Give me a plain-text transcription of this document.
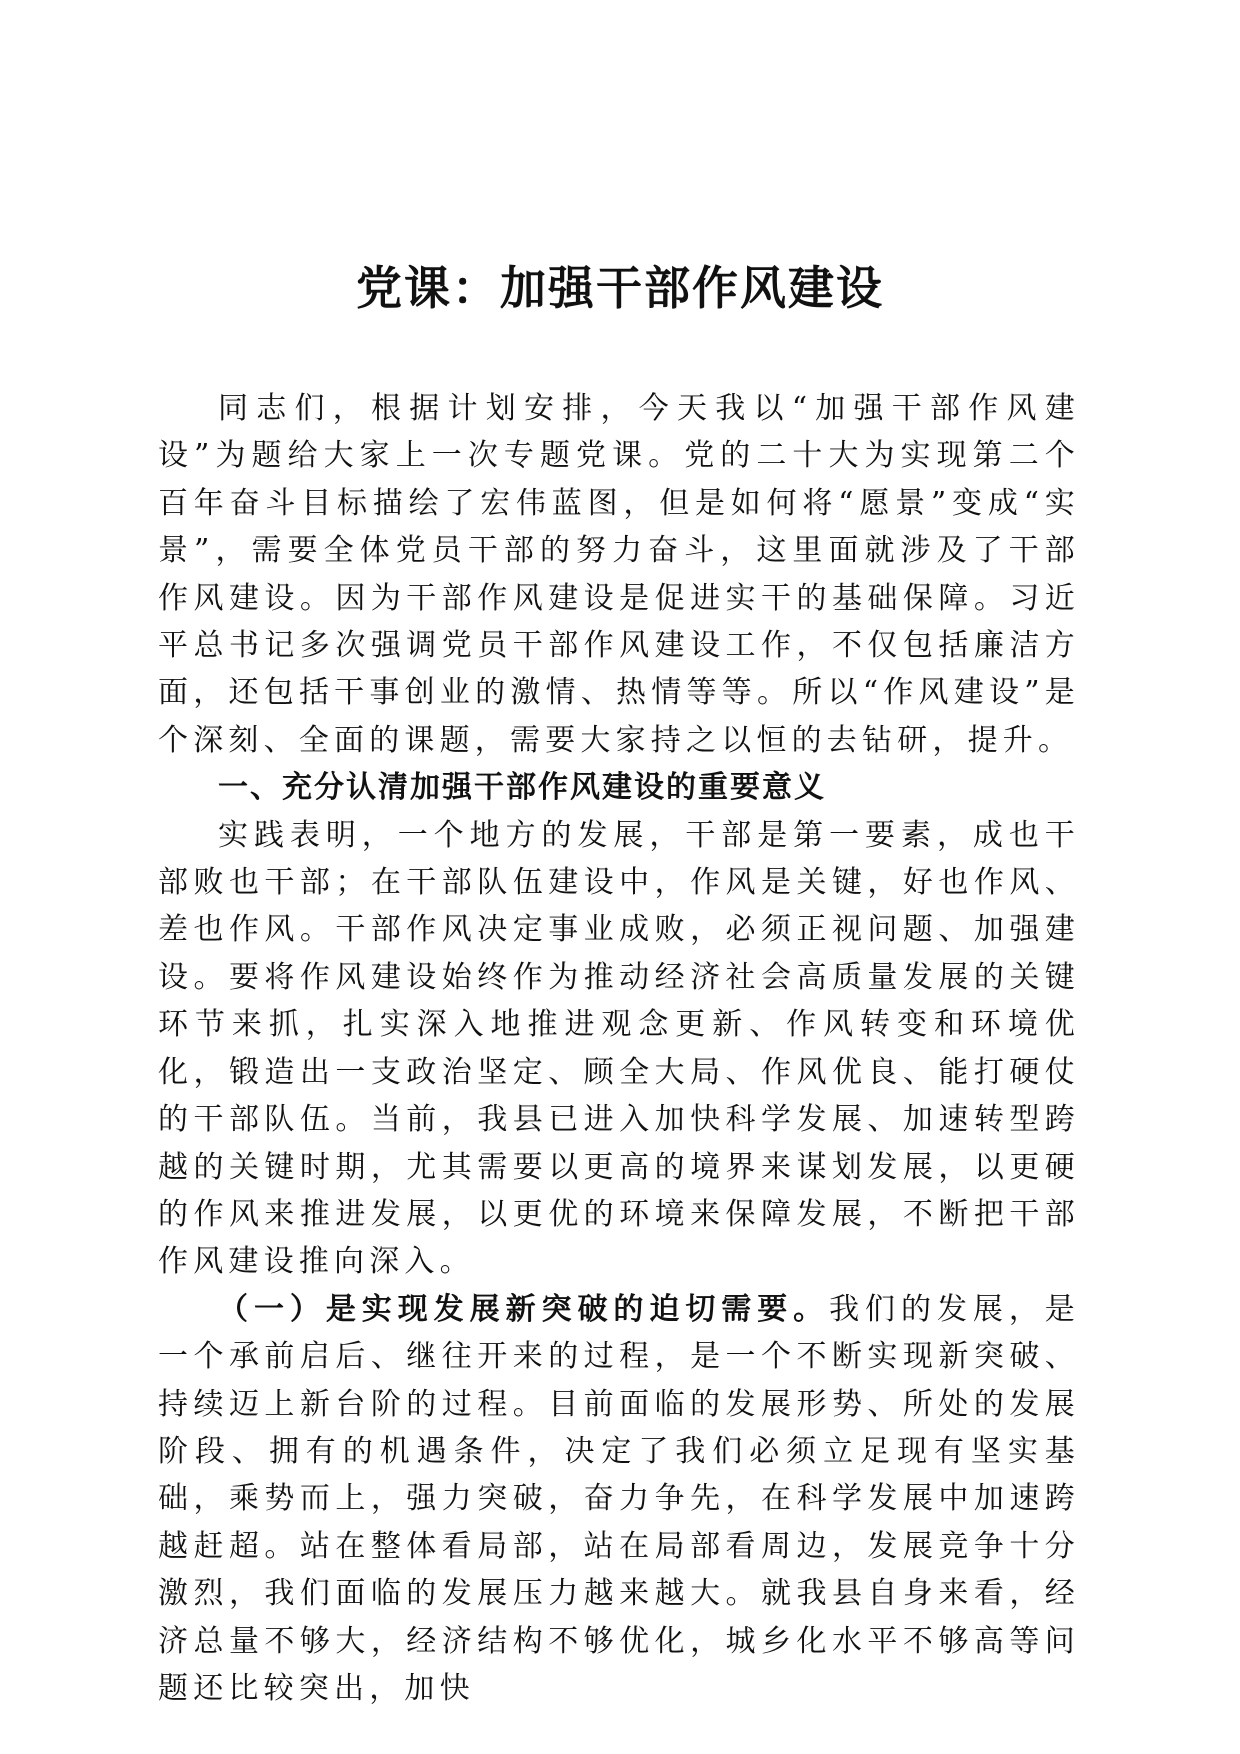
党课：加强干部作风建设

同志们，根据计划安排，今天我以“加强干部作风建设”为题给大家上一次专题党课。党的二十大为实现第二个百年奋斗目标描绘了宏伟蓝图，但是如何将“愿景”变成“实景”，需要全体党员干部的努力奋斗，这里面就涉及了干部作风建设。因为干部作风建设是促进实干的基础保障。习近平总书记多次强调党员干部作风建设工作，不仅包括廉洁方面，还包括干事创业的激情、热情等等。所以“作风建设”是个深刻、全面的课题，需要大家持之以恒的去钻研，提升。

一、充分认清加强干部作风建设的重要意义

实践表明，一个地方的发展，干部是第一要素，成也干部败也干部；在干部队伍建设中，作风是关键，好也作风、差也作风。干部作风决定事业成败，必须正视问题、加强建设。要将作风建设始终作为推动经济社会高质量发展的关键环节来抓，扎实深入地推进观念更新、作风转变和环境优化，锻造出一支政治坚定、顾全大局、作风优良、能打硬仗的干部队伍。当前，我县已进入加快科学发展、加速转型跨越的关键时期，尤其需要以更高的境界来谋划发展，以更硬的作风来推进发展，以更优的环境来保障发展，不断把干部作风建设推向深入。

（一）是实现发展新突破的迫切需要。我们的发展，是一个承前启后、继往开来的过程，是一个不断实现新突破、持续迈上新台阶的过程。目前面临的发展形势、所处的发展阶段、拥有的机遇条件，决定了我们必须立足现有坚实基础，乘势而上，强力突破，奋力争先，在科学发展中加速跨越赶超。站在整体看局部，站在局部看周边，发展竞争十分激烈，我们面临的发展压力越来越大。就我县自身来看，经济总量不够大，经济结构不够优化，城乡化水平不够高等问题还比较突出，加快
